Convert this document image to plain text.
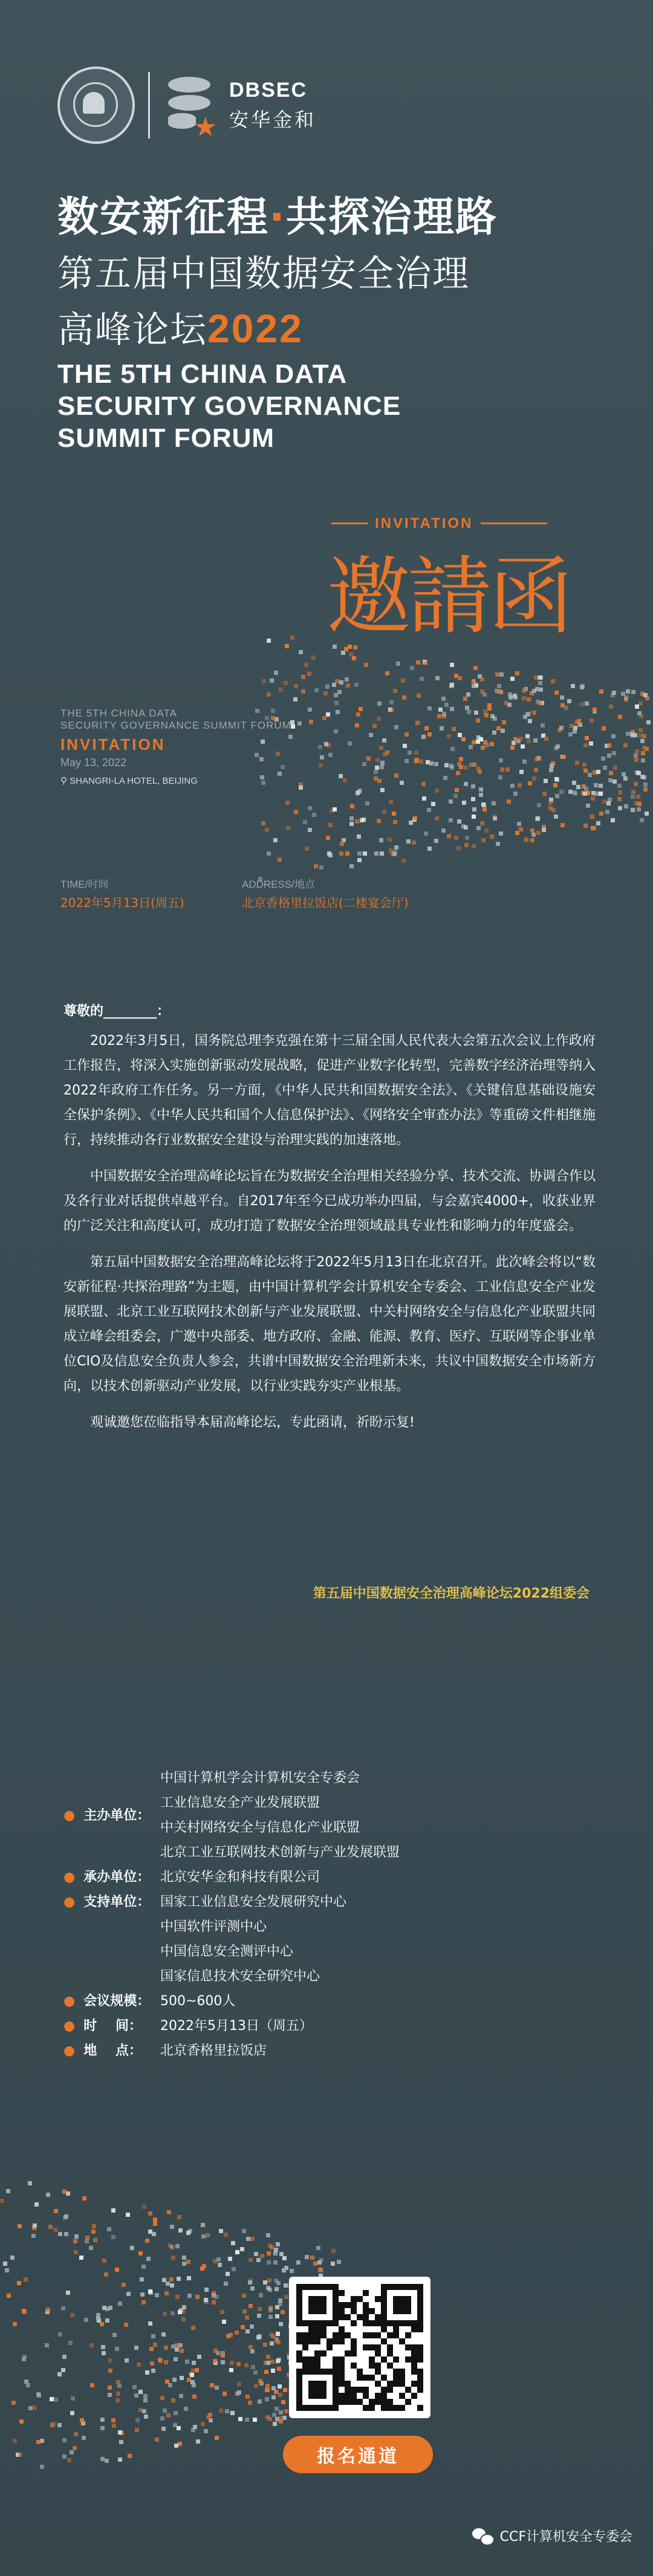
★
DBSEC
安华金和
数安新征程·共探治理路
第五届中国数据安全治理
高峰论坛2022
THE 5TH CHINA DATA
SECURITY GOVERNANCE
SUMMIT FORUM
INVITATION
邀請函
THE 5TH CHINA DATA
SECURITY GOVERNANCE SUMMIT FORUM
INVITATION
May 13, 2022
⚲ SHANGRI-LA HOTEL, BEIJING
TIME/时间
2022年5月13日(周五)
ADDRESS/地点
北京香格里拉饭店(二楼宴会厅)

尊敬的________：

2022年3月5日，国务院总理李克强在第十三届全国人民代表大会第五次会议上作政府工作报告，将深入实施创新驱动发展战略，促进产业数字化转型，完善数字经济治理等纳入2022年政府工作任务。另一方面，《中华人民共和国数据安全法》、《关键信息基础设施安全保护条例》、《中华人民共和国个人信息保护法》、《网络安全审查办法》等重磅文件相继施行，持续推动各行业数据安全建设与治理实践的加速落地。

中国数据安全治理高峰论坛旨在为数据安全治理相关经验分享、技术交流、协调合作以及各行业对话提供卓越平台。自2017年至今已成功举办四届，与会嘉宾4000+，收获业界的广泛关注和高度认可，成功打造了数据安全治理领域最具专业性和影响力的年度盛会。

第五届中国数据安全治理高峰论坛将于2022年5月13日在北京召开。此次峰会将以“数安新征程·共探治理路”为主题，由中国计算机学会计算机安全专委会、工业信息安全产业发展联盟、北京工业互联网技术创新与产业发展联盟、中关村网络安全与信息化产业联盟共同成立峰会组委会，广邀中央部委、地方政府、金融、能源、教育、医疗、互联网等企事业单位CIO及信息安全负责人参会，共谱中国数据安全治理新未来，共议中国数据安全市场新方向，以技术创新驱动产业发展，以行业实践夯实产业根基。

观诚邀您莅临指导本届高峰论坛，专此函请，祈盼示复!

第五届中国数据安全治理高峰论坛2022组委会
● 主办单位：
中国计算机学会计算机安全专委会
工业信息安全产业发展联盟
中关村网络安全与信息化产业联盟
北京工业互联网技术创新与产业发展联盟
● 承办单位： 北京安华金和科技有限公司
● 支持单位： 国家工业信息安全发展研究中心
中国软件评测中心
中国信息安全测评中心
国家信息技术安全研究中心
● 会议规模： 500~600人
● 时    间： 2022年5月13日（周五）
● 地    点： 北京香格里拉饭店
报名通道
CCF计算机安全专委会
